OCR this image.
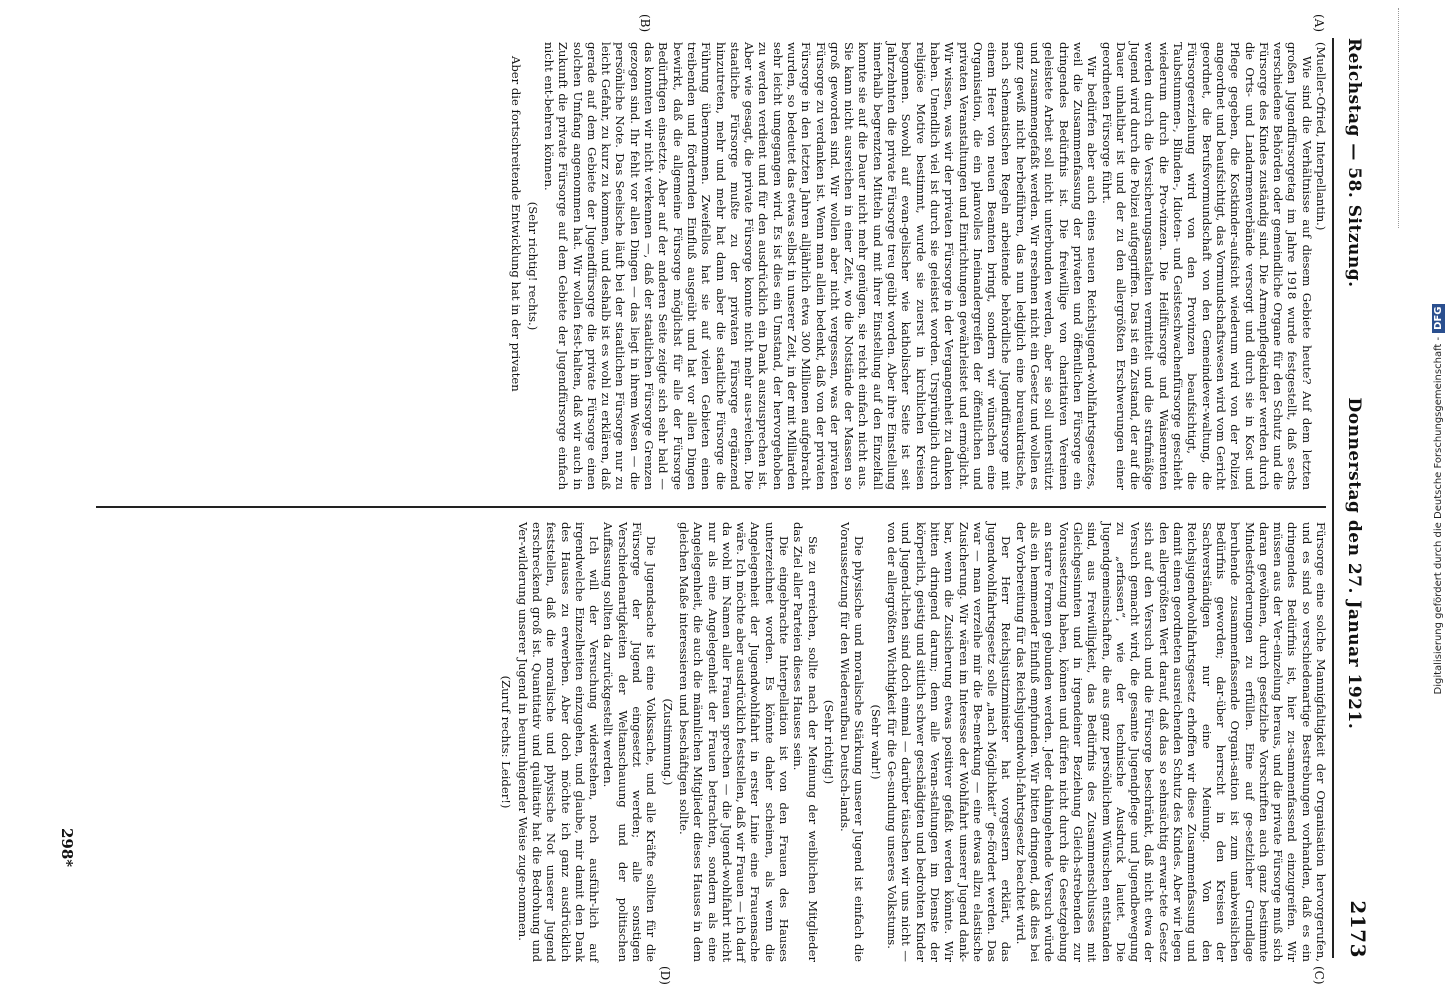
Reichstag — 58. Sitzung.Donnerstag den 27. Januar 1921.
2173
(A)
(B)
(C)
(D)

(Mueller-Ofried, Interpellantin.)

Wie sind die Verhältnisse auf diesem Gebiete heute? Auf dem letzten großen Jugendfürsorgetag im Jahre 1918 wurde festgestellt, daß sechs verschiedene Behörden oder gemeindliche Organe für den Schutz und die Fürsorge des Kindes zuständig sind. Die Armenpflegekinder werden durch die Orts- und Landarmenverbände versorgt und durch sie in Kost und Pflege gegeben, die Kostkinder-aufsicht wiederum wird von der Polizei angeordnet und beaufsichtigt, das Vormundschaftswesen wird vom Gericht geordnet, die Berufsvormundschaft von den Gemeindever-waltung, die Fürsorgeerziehung wird von den Provinzen beaufsichtigt, die Taubstummen-, Blinden-, Idioten- und Geisteschwachenfürsorge geschieht wiederum durch die Pro-vinzen. Die Heilfürsorge und Waisenrenten werden durch die Versicherungsanstalten vermittelt und die strafmäßige Jugend wird durch die Polizei aufgegriffen. Das ist ein Zustand, der auf die Dauer unhaltbar ist und der zu den allergrößten Erschwerungen einer geordneten Fürsorge führt.

Wir bedürfen aber auch eines neuen Reichsjugend-wohlfahrtsgesetzes, weil die Zusammenfassung der privaten und öffentlichen Fürsorge ein dringendes Bedürfnis ist. Die freiwillige von charitativen Vereinen geleistete Arbeit soll nicht unterbunden werden, aber sie soll unterstützt und zusammengefaßt werden. Wir ersehnen nicht ein Gesetz und wollen es ganz gewiß nicht herbeiführen, das nun lediglich eine bureaukratische, nach schematischen Regeln arbeitende behördliche Jugendfürsorge mit einem Heer von neuen Beamten bringt, sondern wir wünschen eine Organisation, die ein planvolles Ineinandergreifen der öffentlichen und privaten Veranstaltungen und Einrichtungen gewährleistet und ermöglicht. Wir wissen, was wir der privaten Fürsorge in der Vergangenheit zu danken haben. Unendlich viel ist durch sie geleistet worden. Ursprünglich durch religiöse Motive bestimmt, wurde sie zuerst in kirchlichen Kreisen begonnen. Sowohl auf evan-gelischer wie katholischer Seite ist seit Jahrzehnten die private Fürsorge treu geübt worden. Aber ihre Einstellung innerhalb begrenzten Mitteln und mit ihrer Einstellung auf den Einzelfall konnte sie auf die Dauer nicht mehr genügen, sie reicht einfach nicht aus. Sie kann nicht ausreichen in einer Zeit, wo die Notstände der Massen so groß geworden sind. Wir wollen aber nicht vergessen, was der privaten Fürsorge zu verdanken ist. Wenn man allein bedenkt, daß von der privaten Fürsorge in den letzten Jahren alljährlich etwa 300 Millionen aufgebracht wurden, so bedeutet das etwas selbst in unserer Zeit, in der mit Milliarden sehr leicht umgegangen wird. Es ist dies ein Umstand, der hervorgehoben zu werden verdient und für den ausdrücklich ein Dank auszusprechen ist. Aber wie gesagt, die private Fürsorge konnte nicht mehr aus-reichen. Die staatliche Fürsorge mußte zu der privaten Fürsorge ergänzend hinzutreten, mehr und mehr hat dann aber die staatliche Fürsorge die Führung übernommen. Zweifellos hat sie auf vielen Gebieten einen treibenden und fördernden Einfluß ausgeübt und hat vor allen Dingen bewirkt, daß die allgemeine Fürsorge möglichst für alle der Fürsorge Bedürftigen einsetzte. Aber auf der anderen Seite zeigte sich sehr bald — das konnten wir nicht verkennen —, daß der staatlichen Fürsorge Grenzen gezogen sind. Ihr fehlt vor allen Dingen — das liegt in ihrem Wesen — die persönliche Note. Das Seelische läuft bei der staatlichen Fürsorge nur zu leicht Gefahr, zu kurz zu kommen, und deshalb ist es wohl zu erklären, daß gerade auf dem Gebiete der Jugendfürsorge die private Fürsorge einen solchen Umfang angenommen hat. Wir wollen fest-halten, daß wir auch in Zukunft die private Fürsorge auf dem Gebiete der Jugendfürsorge einfach nicht ent-behren können.

(Sehr richtig! rechts.)

Aber die fortschreitende Entwicklung hat in der privaten

Fürsorge eine solche Mannigfaltigkeit der Organisation hervorgerufen, und es sind so verschiedenartige Bestrebungen vorhanden, daß es ein dringendes Bedürfnis ist, hier zu-sammenfassend einzugreifen. Wir müssen aus der Ver-einzelung heraus, und die private Fürsorge muß sich daran gewöhnen, durch gesetzliche Vorschriften auch ganz bestimmte Mindestforderungen zu erfüllen. Eine auf ge-setzlicher Grundlage beruhende zusammenfassende Organi-sation ist zum unabweislichen Bedürfnis geworden; dar-über herrscht in den Kreisen der Sachverständigen nur eine Meinung. Von den Reichsjugendwohlfahrtsgesetz erhoffen wir diese Zusammenfassung und damit einen geordneten ausreichenden Schutz des Kindes. Aber wir legen den allergrößten Wert darauf, daß das so sehnsüchtig erwar-tete Gesetz sich auf den Versuch und die Fürsorge beschränkt, daß nicht etwa der Versuch gemacht wird, die gesamte Jugendpflege und Jugendbewegung zu „erfassen“, wie der technische Ausdruck lautet. Die Jugendgemeinschaften, die aus ganz persönlichem Wünschen entstanden sind, aus Freiwilligkeit, das Bedürfnis des Zusammenschlusses mit Gleichgesinnten und in irgendeiner Beziehung Gleich-strebenden zur Voraussetzung haben, können und dürfen nicht durch die Gesetzgebung an starre Formen gebunden werden. Jeder dahingehende Versuch würde als ein hemmender Einfluß empfunden. Wir bitten dringend, daß dies bei der Vorbereitung für das Reichsjugendwohl-fahrtsgesetz beachtet wird.

Der Herr Reichsjustizminister hat vorgestern erklärt, das Jugendwohlfahrtsgesetz solle „nach Möglichkeit“ ge-fördert werden. Das war — man verzeihe mir die Be-merkung — eine etwas allzu elastische Zusicherung. Wir wären im Interesse der Wohlfahrt unserer Jugend dank-bar, wenn die Zusicherung etwas positiver gefaßt werden könnte. Wir bitten dringend darum; denn alle Veran-staltungen im Dienste der körperlich, geistig und sittlich schwer geschädigten und bedrohten Kinder und Jugend-lichen sind doch einmal — darüber täuschen wir uns nicht — von der allergrößten Wichtigkeit für die Ge-sundung unseres Volkstums.

(Sehr wahr!)

Die physische und moralische Stärkung unserer Jugend ist einfach die Voraussetzung für den Wiederaufbau Deutsch-lands.

(Sehr richtig!)

Sie zu erreichen, sollte nach der Meinung der weiblichen Mitglieder das Ziel aller Parteien dieses Hauses sein.

Die eingebrachte Interpellation ist von den Frauen des Hauses unterzeichnet worden. Es könnte daher scheinen, als wenn die Angelegenheit der Jugendwohlfahrt in erster Linie eine Frauensache wäre. Ich möchte aber ausdrücklich feststellen, daß wir Frauen — ich darf da wohl im Namen aller Frauen sprechen — die Jugend-wohlfahrt nicht nur als eine Angelegenheit der Frauen betrachten, sondern als eine Angelegenheit, die auch die männlichen Mitglieder dieses Hauses in dem gleichen Maße interessieren und beschäftigen sollte.

(Zustimmung.)

Die Jugendsache ist eine Volkssache, und alle Kräfte sollten für die Fürsorge der Jugend eingesetzt werden; alle sonstigen Verschiedenartigkeiten der Weltanschauung und der politischen Auffassung sollten da zurückgestellt werden.

Ich will der Versuchung widerstehen, noch ausführ-lich auf irgendwelche Einzelheiten einzugehen, und glaube, mir damit den Dank des Hauses zu erwerben. Aber doch möchte ich ganz ausdrücklich feststellen, daß die moralische und physische Not unserer Jugend erschreckend groß ist. Quantitativ und qualitativ hat die Bedrohung und Ver-wilderung unserer Jugend in beunruhigender Weise zuge-nommen.

(Zuruf rechts: Leider!)

298*
Digitalisierung gefördert durch die Deutsche Forschungsgemeinschaft -DFG
